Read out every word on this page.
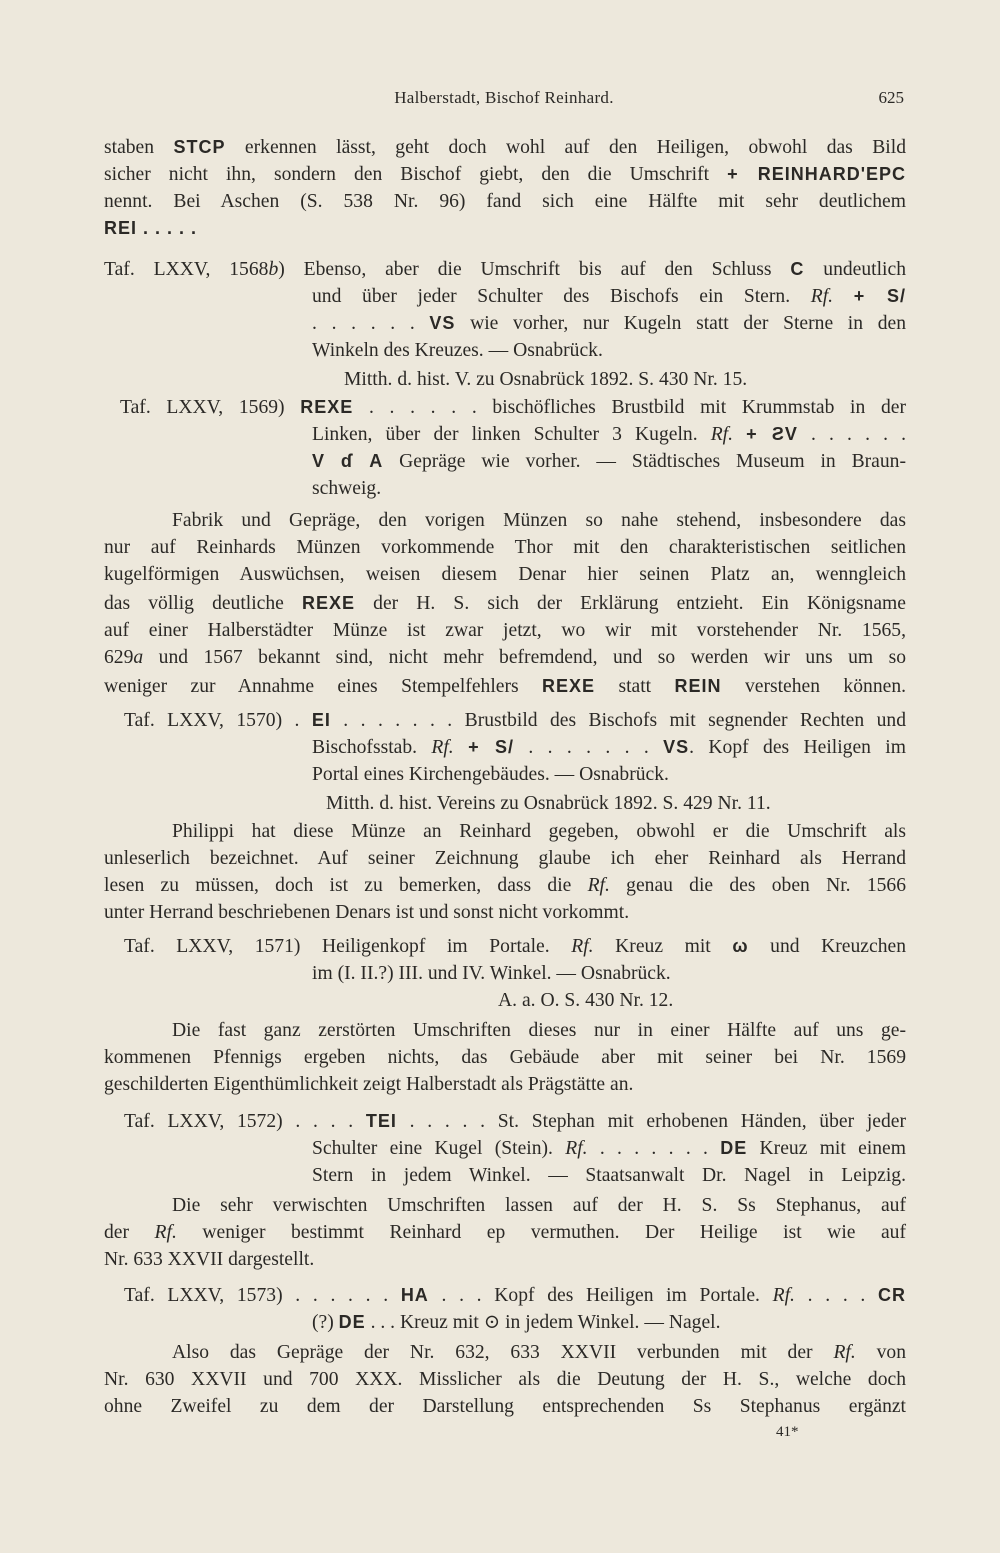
Halberstadt, Bischof Reinhard.	625
staben STCP erkennen lässt, geht doch wohl auf den Heiligen, obwohl das Bild
sicher nicht ihn, sondern den Bischof giebt, den die Umschrift + REINHARD'EPC
nennt. Bei Aschen (S. 538 Nr. 96) fand sich eine Hälfte mit sehr deutlichem
REI . . . . .
Taf. LXXV, 1568b) Ebenso, aber die Umschrift bis auf den Schluss C undeutlich
und über jeder Schulter des Bischofs ein Stern. Rf. + S/
. . . . . . VS wie vorher, nur Kugeln statt der Sterne in den
Winkeln des Kreuzes. — Osnabrück.
Mitth. d. hist. V. zu Osnabrück 1892. S. 430 Nr. 15.
Taf. LXXV, 1569) REXE . . . . . . bischöfliches Brustbild mit Krummstab in der
Linken, über der linken Schulter 3 Kugeln. Rf. + ƧV . . . . . .
V ɗ A Gepräge wie vorher. — Städtisches Museum in Braun-
schweig.
Fabrik und Gepräge, den vorigen Münzen so nahe stehend, insbesondere das
nur auf Reinhards Münzen vorkommende Thor mit den charakteristischen seitlichen
kugelförmigen Auswüchsen, weisen diesem Denar hier seinen Platz an, wenngleich
das völlig deutliche REXE der H. S. sich der Erklärung entzieht. Ein Königsname
auf einer Halberstädter Münze ist zwar jetzt, wo wir mit vorstehender Nr. 1565,
629a und 1567 bekannt sind, nicht mehr befremdend, und so werden wir uns um so
weniger zur Annahme eines Stempelfehlers REXE statt REIN verstehen können.
Taf. LXXV, 1570) . EI . . . . . . . Brustbild des Bischofs mit segnender Rechten und
Bischofsstab. Rf. + S/ . . . . . . . VS. Kopf des Heiligen im
Portal eines Kirchengebäudes. — Osnabrück.
Mitth. d. hist. Vereins zu Osnabrück 1892. S. 429 Nr. 11.
Philippi hat diese Münze an Reinhard gegeben, obwohl er die Umschrift als
unleserlich bezeichnet. Auf seiner Zeichnung glaube ich eher Reinhard als Herrand
lesen zu müssen, doch ist zu bemerken, dass die Rf. genau die des oben Nr. 1566
unter Herrand beschriebenen Denars ist und sonst nicht vorkommt.
Taf. LXXV, 1571) Heiligenkopf im Portale. Rf. Kreuz mit ω und Kreuzchen
im (I. II.?) III. und IV. Winkel. — Osnabrück.
A. a. O. S. 430 Nr. 12.
Die fast ganz zerstörten Umschriften dieses nur in einer Hälfte auf uns ge-
kommenen Pfennigs ergeben nichts, das Gebäude aber mit seiner bei Nr. 1569
geschilderten Eigenthümlichkeit zeigt Halberstadt als Prägstätte an.
Taf. LXXV, 1572) . . . . TEI . . . . . St. Stephan mit erhobenen Händen, über jeder
Schulter eine Kugel (Stein). Rf. . . . . . . . DE Kreuz mit einem
Stern in jedem Winkel. — Staatsanwalt Dr. Nagel in Leipzig.
Die sehr verwischten Umschriften lassen auf der H. S. Ss Stephanus, auf
der Rf. weniger bestimmt Reinhard ep vermuthen. Der Heilige ist wie auf
Nr. 633 XXVII dargestellt.
Taf. LXXV, 1573) . . . . . . HA . . . Kopf des Heiligen im Portale. Rf. . . . . CR
(?) DE . . . Kreuz mit ⊙ in jedem Winkel. — Nagel.
Also das Gepräge der Nr. 632, 633 XXVII verbunden mit der Rf. von
Nr. 630 XXVII und 700 XXX. Misslicher als die Deutung der H. S., welche doch
ohne Zweifel zu dem der Darstellung entsprechenden Ss Stephanus ergänzt
41*
